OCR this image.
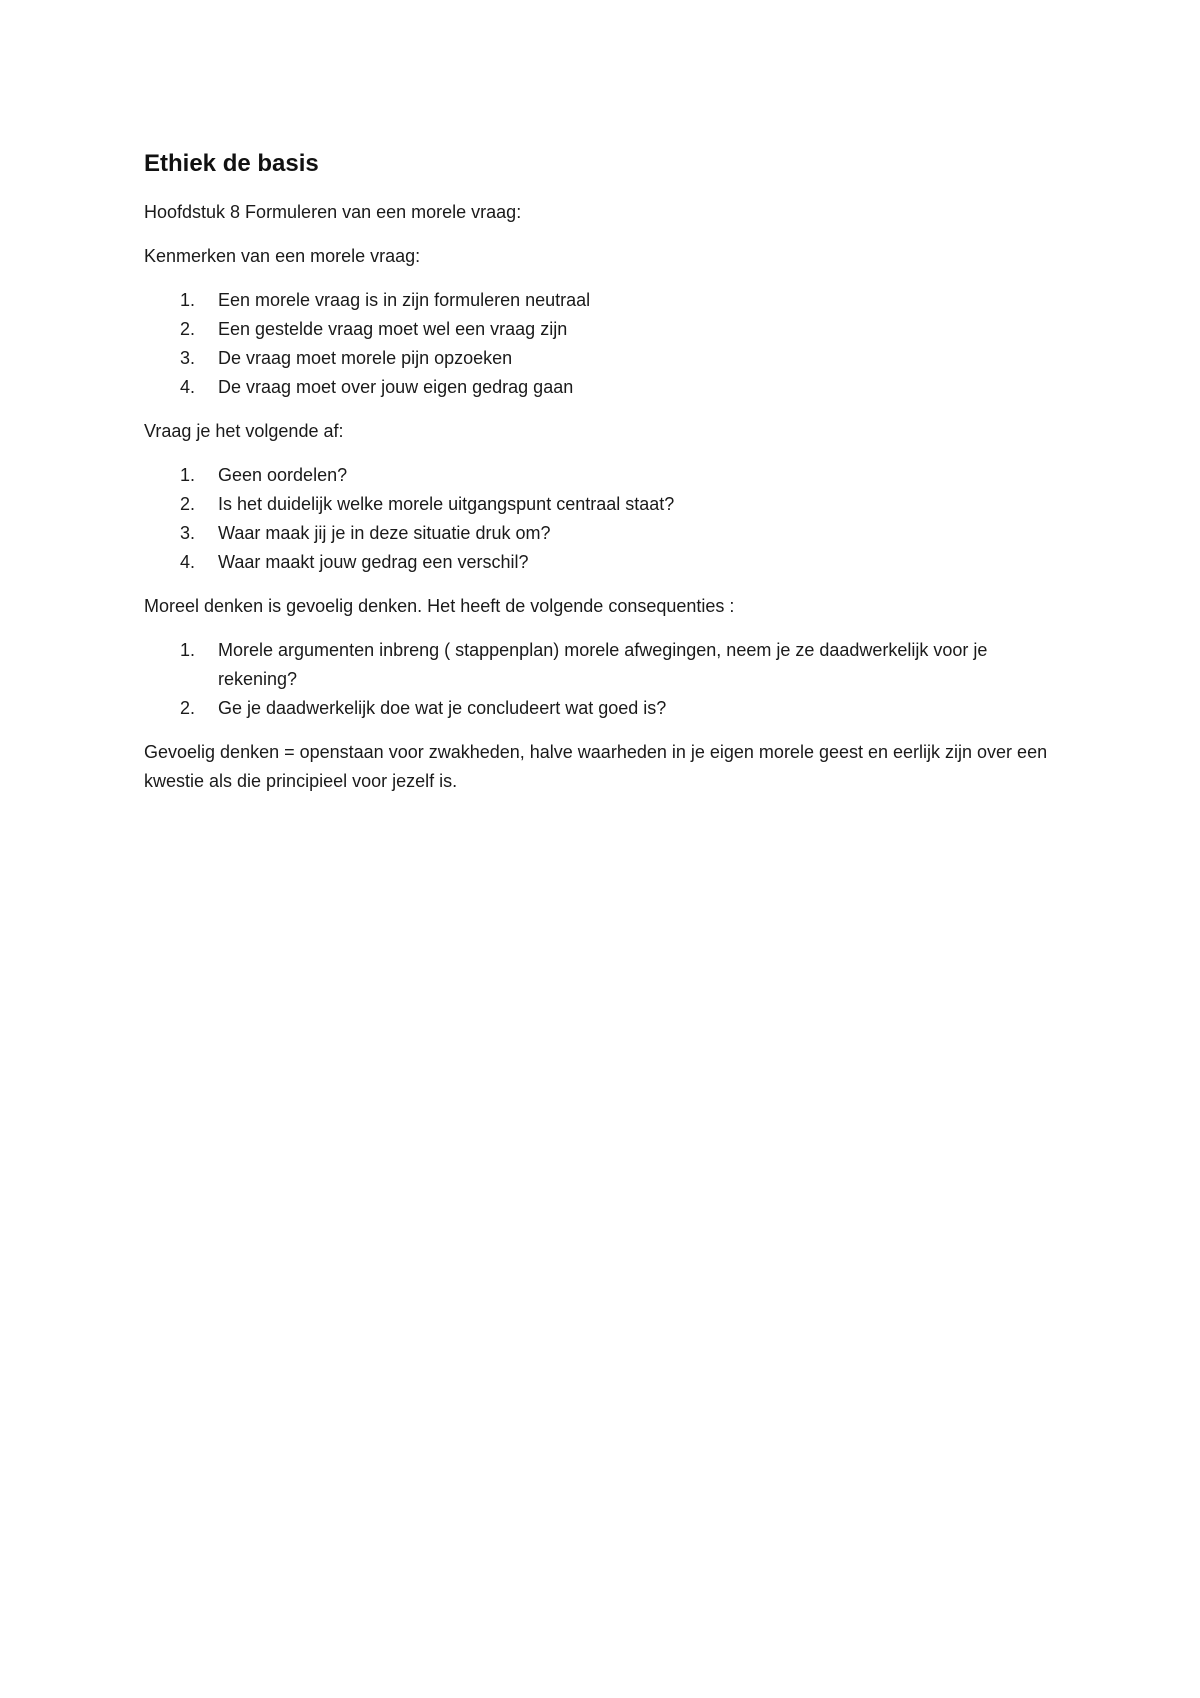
Ethiek de basis

Hoofdstuk 8 Formuleren van een morele vraag:

Kenmerken van een morele vraag:

1. Een morele vraag is in zijn formuleren neutraal
2. Een gestelde vraag moet wel een vraag zijn
3. De vraag moet morele pijn opzoeken
4. De vraag moet over jouw eigen gedrag gaan

Vraag je het volgende af:

1. Geen oordelen?
2. Is het duidelijk welke morele uitgangspunt centraal staat?
3. Waar maak jij je in deze situatie druk om?
4. Waar maakt jouw gedrag een verschil?

Moreel denken is gevoelig denken. Het heeft de volgende consequenties :

1. Morele argumenten inbreng ( stappenplan) morele afwegingen, neem je ze daadwerkelijk voor je rekening?
2. Ge je daadwerkelijk doe wat je concludeert wat goed is?

Gevoelig denken = openstaan voor zwakheden, halve waarheden in je eigen morele geest en eerlijk zijn over een kwestie als die principieel voor jezelf is.
